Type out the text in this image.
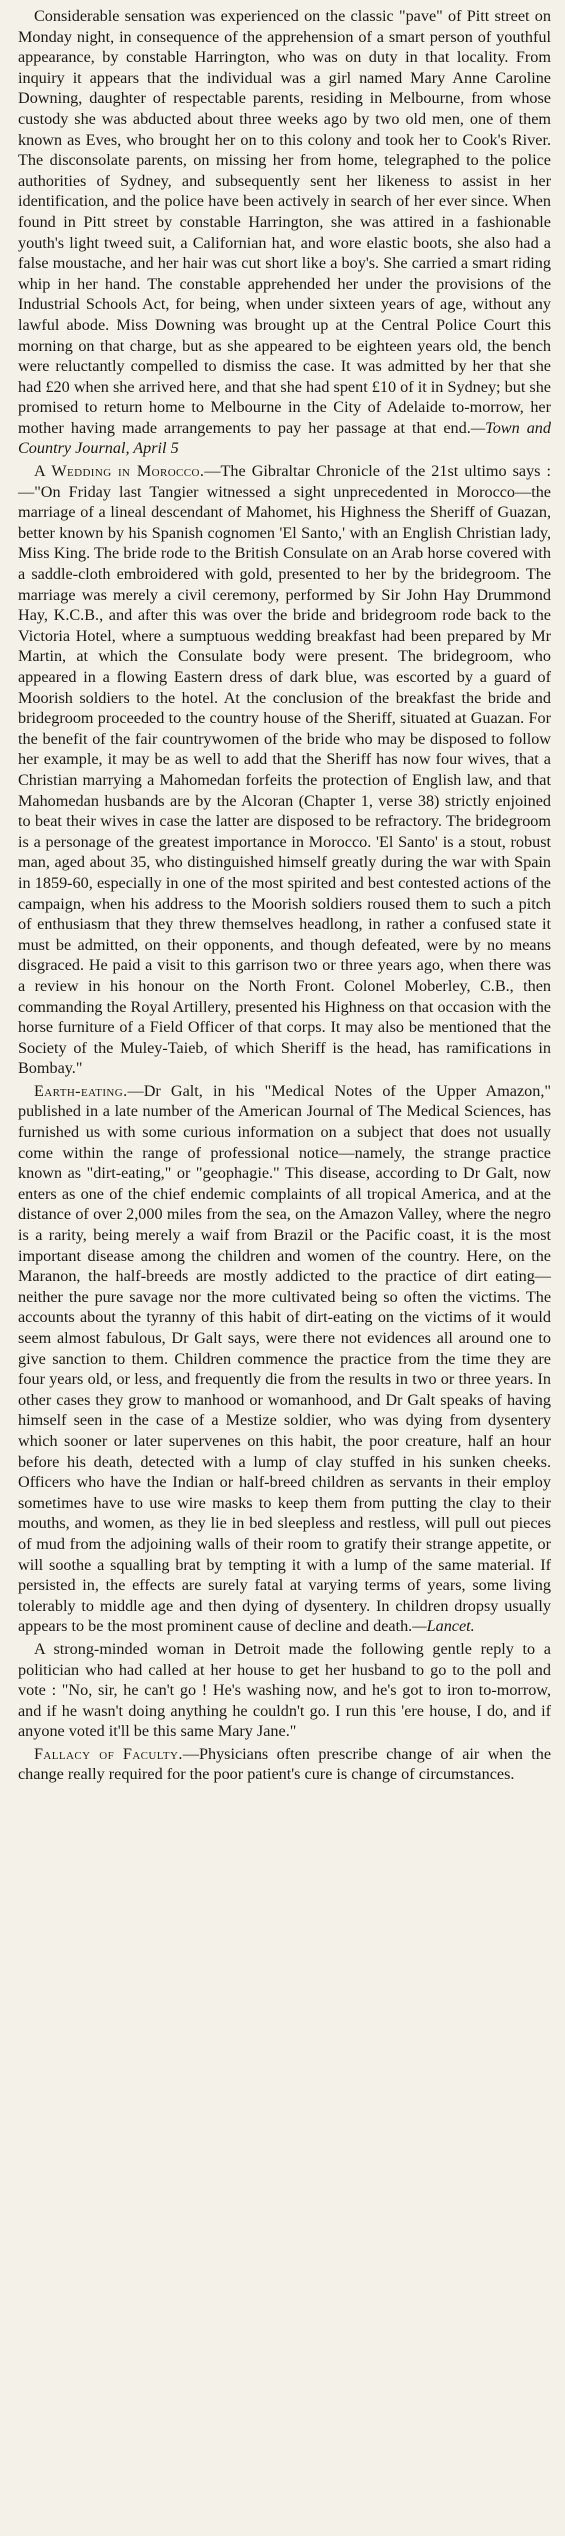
Considerable sensation was experienced on the classic "pave" of Pitt street on Monday night, in consequence of the apprehension of a smart person of youthful appearance, by constable Harrington, who was on duty in that locality. From inquiry it appears that the individual was a girl named Mary Anne Caroline Downing, daughter of respectable parents, residing in Melbourne, from whose custody she was abducted about three weeks ago by two old men, one of them known as Eves, who brought her on to this colony and took her to Cook's River. The disconsolate parents, on missing her from home, telegraphed to the police authorities of Sydney, and subsequently sent her likeness to assist in her identification, and the police have been actively in search of her ever since. When found in Pitt street by constable Harrington, she was attired in a fashionable youth's light tweed suit, a Californian hat, and wore elastic boots, she also had a false moustache, and her hair was cut short like a boy's. She carried a smart riding whip in her hand. The constable apprehended her under the provisions of the Industrial Schools Act, for being, when under sixteen years of age, without any lawful abode. Miss Downing was brought up at the Central Police Court this morning on that charge, but as she appeared to be eighteen years old, the bench were reluctantly compelled to dismiss the case. It was admitted by her that she had £20 when she arrived here, and that she had spent £10 of it in Sydney; but she promised to return home to Melbourne in the City of Adelaide to-morrow, her mother having made arrangements to pay her passage at that end.—Town and Country Journal, April 5

A Wedding in Morocco.—The Gibraltar Chronicle of the 21st ultimo says :—"On Friday last Tangier witnessed a sight unprecedented in Morocco—the marriage of a lineal descendant of Mahomet, his Highness the Sheriff of Guazan, better known by his Spanish cognomen 'El Santo,' with an English Christian lady, Miss King. The bride rode to the British Consulate on an Arab horse covered with a saddle-cloth embroidered with gold, presented to her by the bridegroom. The marriage was merely a civil ceremony, performed by Sir John Hay Drummond Hay, K.C.B., and after this was over the bride and bridegroom rode back to the Victoria Hotel, where a sumptuous wedding breakfast had been prepared by Mr Martin, at which the Consulate body were present. The bridegroom, who appeared in a flowing Eastern dress of dark blue, was escorted by a guard of Moorish soldiers to the hotel. At the conclusion of the breakfast the bride and bridegroom proceeded to the country house of the Sheriff, situated at Guazan. For the benefit of the fair countrywomen of the bride who may be disposed to follow her example, it may be as well to add that the Sheriff has now four wives, that a Christian marrying a Mahomedan forfeits the protection of English law, and that Mahomedan husbands are by the Alcoran (Chapter 1, verse 38) strictly enjoined to beat their wives in case the latter are disposed to be refractory. The bridegroom is a personage of the greatest importance in Morocco. 'El Santo' is a stout, robust man, aged about 35, who distinguished himself greatly during the war with Spain in 1859-60, especially in one of the most spirited and best contested actions of the campaign, when his address to the Moorish soldiers roused them to such a pitch of enthusiasm that they threw themselves headlong, in rather a confused state it must be admitted, on their opponents, and though defeated, were by no means disgraced. He paid a visit to this garrison two or three years ago, when there was a review in his honour on the North Front. Colonel Moberley, C.B., then commanding the Royal Artillery, presented his Highness on that occasion with the horse furniture of a Field Officer of that corps. It may also be mentioned that the Society of the Muley-Taieb, of which Sheriff is the head, has ramifications in Bombay."

Earth-eating.—Dr Galt, in his "Medical Notes of the Upper Amazon," published in a late number of the American Journal of The Medical Sciences, has furnished us with some curious information on a subject that does not usually come within the range of professional notice—namely, the strange practice known as "dirt-eating," or "geophagie." This disease, according to Dr Galt, now enters as one of the chief endemic complaints of all tropical America, and at the distance of over 2,000 miles from the sea, on the Amazon Valley, where the negro is a rarity, being merely a waif from Brazil or the Pacific coast, it is the most important disease among the children and women of the country. Here, on the Maranon, the half-breeds are mostly addicted to the practice of dirt eating—neither the pure savage nor the more cultivated being so often the victims. The accounts about the tyranny of this habit of dirt-eating on the victims of it would seem almost fabulous, Dr Galt says, were there not evidences all around one to give sanction to them. Children commence the practice from the time they are four years old, or less, and frequently die from the results in two or three years. In other cases they grow to manhood or womanhood, and Dr Galt speaks of having himself seen in the case of a Mestize soldier, who was dying from dysentery which sooner or later supervenes on this habit, the poor creature, half an hour before his death, detected with a lump of clay stuffed in his sunken cheeks. Officers who have the Indian or half-breed children as servants in their employ sometimes have to use wire masks to keep them from putting the clay to their mouths, and women, as they lie in bed sleepless and restless, will pull out pieces of mud from the adjoining walls of their room to gratify their strange appetite, or will soothe a squalling brat by tempting it with a lump of the same material. If persisted in, the effects are surely fatal at varying terms of years, some living tolerably to middle age and then dying of dysentery. In children dropsy usually appears to be the most prominent cause of decline and death.—Lancet.

A strong-minded woman in Detroit made the following gentle reply to a politician who had called at her house to get her husband to go to the poll and vote : "No, sir, he can't go ! He's washing now, and he's got to iron to-morrow, and if he wasn't doing anything he couldn't go. I run this 'ere house, I do, and if anyone voted it'll be this same Mary Jane."

Fallacy of Faculty.—Physicians often prescribe change of air when the change really required for the poor patient's cure is change of circumstances.
